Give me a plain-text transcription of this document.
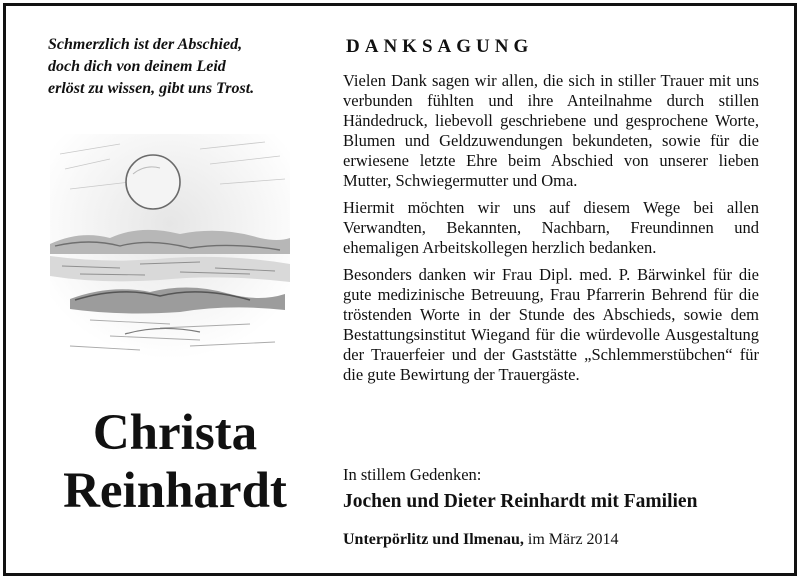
Schmerzlich ist der Abschied,
doch dich von deinem Leid
erlöst zu wissen, gibt uns Trost.
Christa
Reinhardt
DANKSAGUNG

Vielen Dank sagen wir allen, die sich in stiller Trauer mit uns verbunden fühlten und ihre Anteilnahme durch stillen Händedruck, liebevoll geschriebene und gesprochene Worte, Blumen und Geldzuwendungen bekundeten, sowie für die erwiesene letzte Ehre beim Abschied von unserer lieben Mutter, Schwiegermutter und Oma.

Hiermit möchten wir uns auf diesem Wege bei allen Verwandten, Bekannten, Nachbarn, Freundinnen und ehemaligen Arbeitskollegen herzlich bedanken.

Besonders danken wir Frau Dipl. med. P. Bärwinkel für die gute medizinische Betreuung, Frau Pfarrerin Behrend für die tröstenden Worte in der Stunde des Abschieds, sowie dem Bestattungsinstitut Wiegand für die würdevolle Ausgestaltung der Trauerfeier und der Gaststätte „Schlemmerstübchen“ für die gute Bewirtung der Trauergäste.

In stillem Gedenken:
Jochen und Dieter Reinhardt mit Familien
Unterpörlitz und Ilmenau, im März 2014
